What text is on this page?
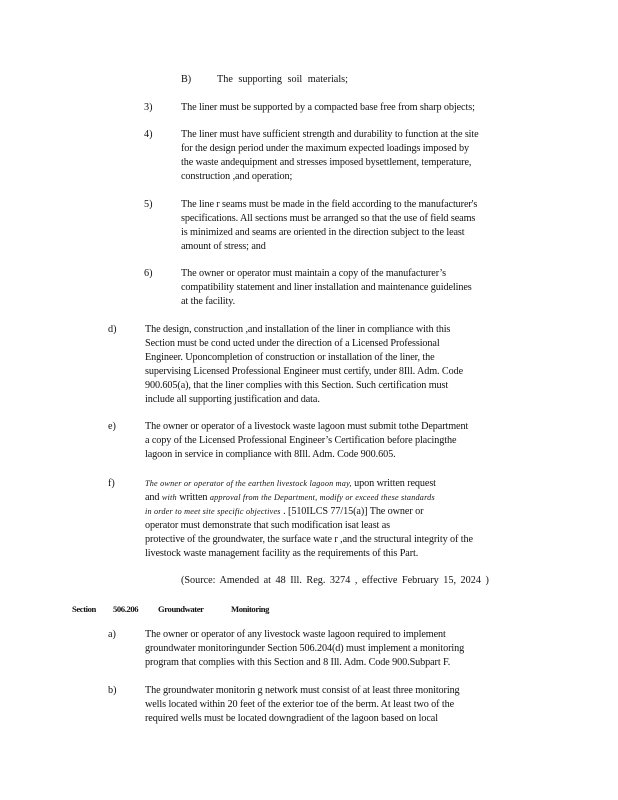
B)	The supporting soil materials;
3)	The liner must be supported by a compacted base free from sharp objects;
4)	The liner must have sufficient strength and durability to function at the site
for the design period under the maximum expected loadings imposed by
the waste andequipment and stresses imposed bysettlement, temperature,
construction ,and operation;
5)	The line r seams must be made in the field according to the manufacturer's
specifications. All sections must be arranged so that the use of field seams
is minimized and seams are oriented in the direction subject to the least
amount of stress; and
6)	The owner or operator must maintain a copy of the manufacturer’s
compatibility statement and liner installation and maintenance guidelines
at the facility.
d)	The design, construction ,and installation of the liner in compliance with this
Section must be cond ucted under the direction of a Licensed Professional
Engineer. Uponcompletion of construction or installation of the liner, the
supervising Licensed Professional Engineer must certify, under 8Ill. Adm. Code
900.605(a), that the liner complies with this Section. Such certification must
include all supporting justification and data.
e)	The owner or operator of a livestock waste lagoon must submit tothe Department
a copy of the Licensed Professional Engineer’s Certification before placingthe
lagoon in service in compliance with 8Ill. Adm. Code 900.605.
f)	The owner or operator of the earthen livestock lagoon may, upon written request
and with written approval from the Department, modify or exceed these standards
in order to meet site specific objectives . [510ILCS 77/15(a)] The owner or
operator must demonstrate that such modification isat least as
protective of the groundwater, the surface wate r ,and the structural integrity of the
livestock waste management facility as the requirements of this Part.
(Source: Amended at 48 Ill. Reg. 3274 , effective February 15, 2024 )
Section 506.206 Groundwater	Monitoring
a)	The owner or operator of any livestock waste lagoon required to implement
groundwater monitoringunder Section 506.204(d) must implement a monitoring
program that complies with this Section and 8 Ill. Adm. Code 900.Subpart F.
b)	The groundwater monitorin g network must consist of at least three monitoring
wells located within 20 feet of the exterior toe of the berm. At least two of the
required wells must be located downgradient of the lagoon based on local
